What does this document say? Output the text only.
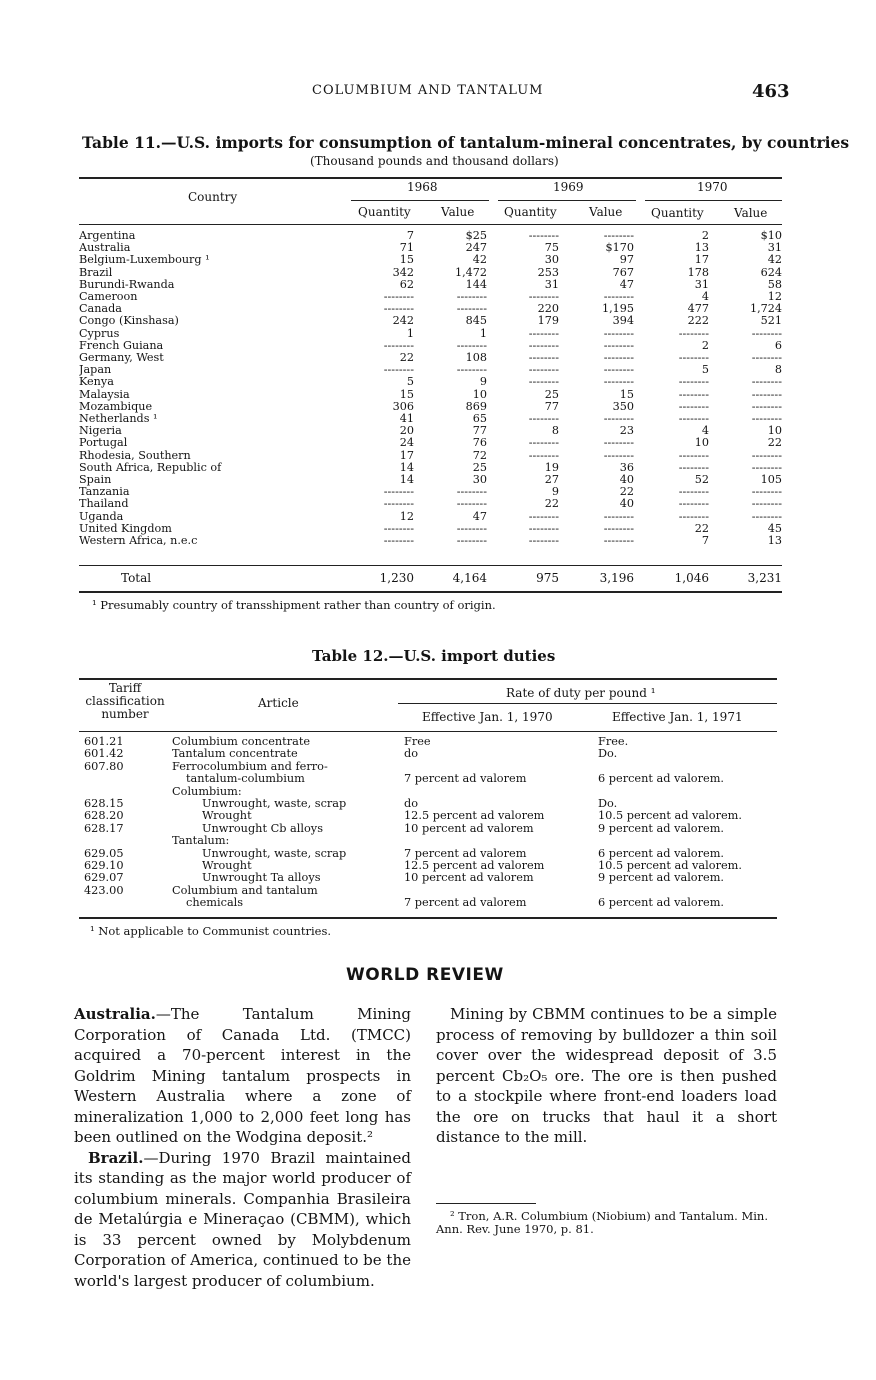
COLUMBIUM AND TANTALUM	463
Table 11.—U.S. imports for consumption of tantalum-mineral concentrates, by countries
(Thousand pounds and thousand dollars)
Country
1968	1969	1970
Quantity	Value Quantity	Value Quantity	Value
Argentina	7	$25	--------	--------	2	$10
Australia	71	247	75	$170	13	31
Belgium-Luxembourg ¹	15	42	30	97	17	42
Brazil	342	1,472	253	767	178	624
Burundi-Rwanda	62	144	31	47	31	58
Cameroon	--------	--------	--------	--------	4	12
Canada	--------	--------	220	1,195	477	1,724
Congo (Kinshasa)	242	845	179	394	222	521
Cyprus	1	1	--------	--------	--------	--------
French Guiana	--------	--------	--------	--------	2	6
Germany, West	22	108	--------	--------	--------	--------
Japan	--------	--------	--------	--------	5	8
Kenya	5	9	--------	--------	--------	--------
Malaysia	15	10	25	15	--------	--------
Mozambique	306	869	77	350	--------	--------
Netherlands ¹	41	65	--------	--------	--------	--------
Nigeria	20	77	8	23	4	10
Portugal	24	76	--------	--------	10	22
Rhodesia, Southern	17	72	--------	--------	--------	--------
South Africa, Republic of	14	25	19	36	--------	--------
Spain	14	30	27	40	52	105
Tanzania	--------	--------	9	22	--------	--------
Thailand	--------	--------	22	40	--------	--------
Uganda	12	47	--------	--------	--------	--------
United Kingdom	--------	--------	--------	--------	22	45
Western Africa, n.e.c	--------	--------	--------	--------	7	13
Total	1,230	4,164	975	3,196	1,046	3,231
¹ Presumably country of transshipment rather than country of origin.
Table 12.—U.S. import duties
Tariff
classification
number
Article
Rate of duty per pound ¹
Effective Jan. 1, 1970	Effective Jan. 1, 1971
601.21	Columbium concentrate	Free	Free.
601.42	Tantalum concentrate	do	Do.
607.80	Ferrocolumbium and ferro-		
	tantalum-columbium	7 percent ad valorem	6 percent ad valorem.
	Columbium:		
628.15	Unwrought, waste, scrap	do	Do.
628.20	Wrought	12.5 percent ad valorem	10.5 percent ad valorem.
628.17	Unwrought Cb alloys	10 percent ad valorem	9 percent ad valorem.
	Tantalum:		
629.05	Unwrought, waste, scrap	7 percent ad valorem	6 percent ad valorem.
629.10	Wrought	12.5 percent ad valorem	10.5 percent ad valorem.
629.07	Unwrought Ta alloys	10 percent ad valorem	9 percent ad valorem.
423.00	Columbium and tantalum		
	chemicals	7 percent ad valorem	6 percent ad valorem.
¹ Not applicable to Communist countries.
WORLD REVIEW

Australia.—The Tantalum Mining Corporation of Canada Ltd. (TMCC) acquired a 70-percent interest in the Goldrim Mining tantalum prospects in Western Australia where a zone of mineralization 1,000 to 2,000 feet long has been outlined on the Wodgina deposit.²

Brazil.—During 1970 Brazil maintained its standing as the major world producer of columbium minerals. Companhia Brasileira de Metalúrgia e Mineraçao (CBMM), which is 33 percent owned by Molybdenum Corporation of America, continued to be the world's largest producer of columbium.

Mining by CBMM continues to be a simple process of removing by bulldozer a thin soil cover over the widespread deposit of 3.5 percent Cb₂O₅ ore. The ore is then pushed to a stockpile where front-end loaders load the ore on trucks that haul it a short distance to the mill.

² Tron, A.R. Columbium (Niobium) and Tantalum. Min. Ann. Rev. June 1970, p. 81.
